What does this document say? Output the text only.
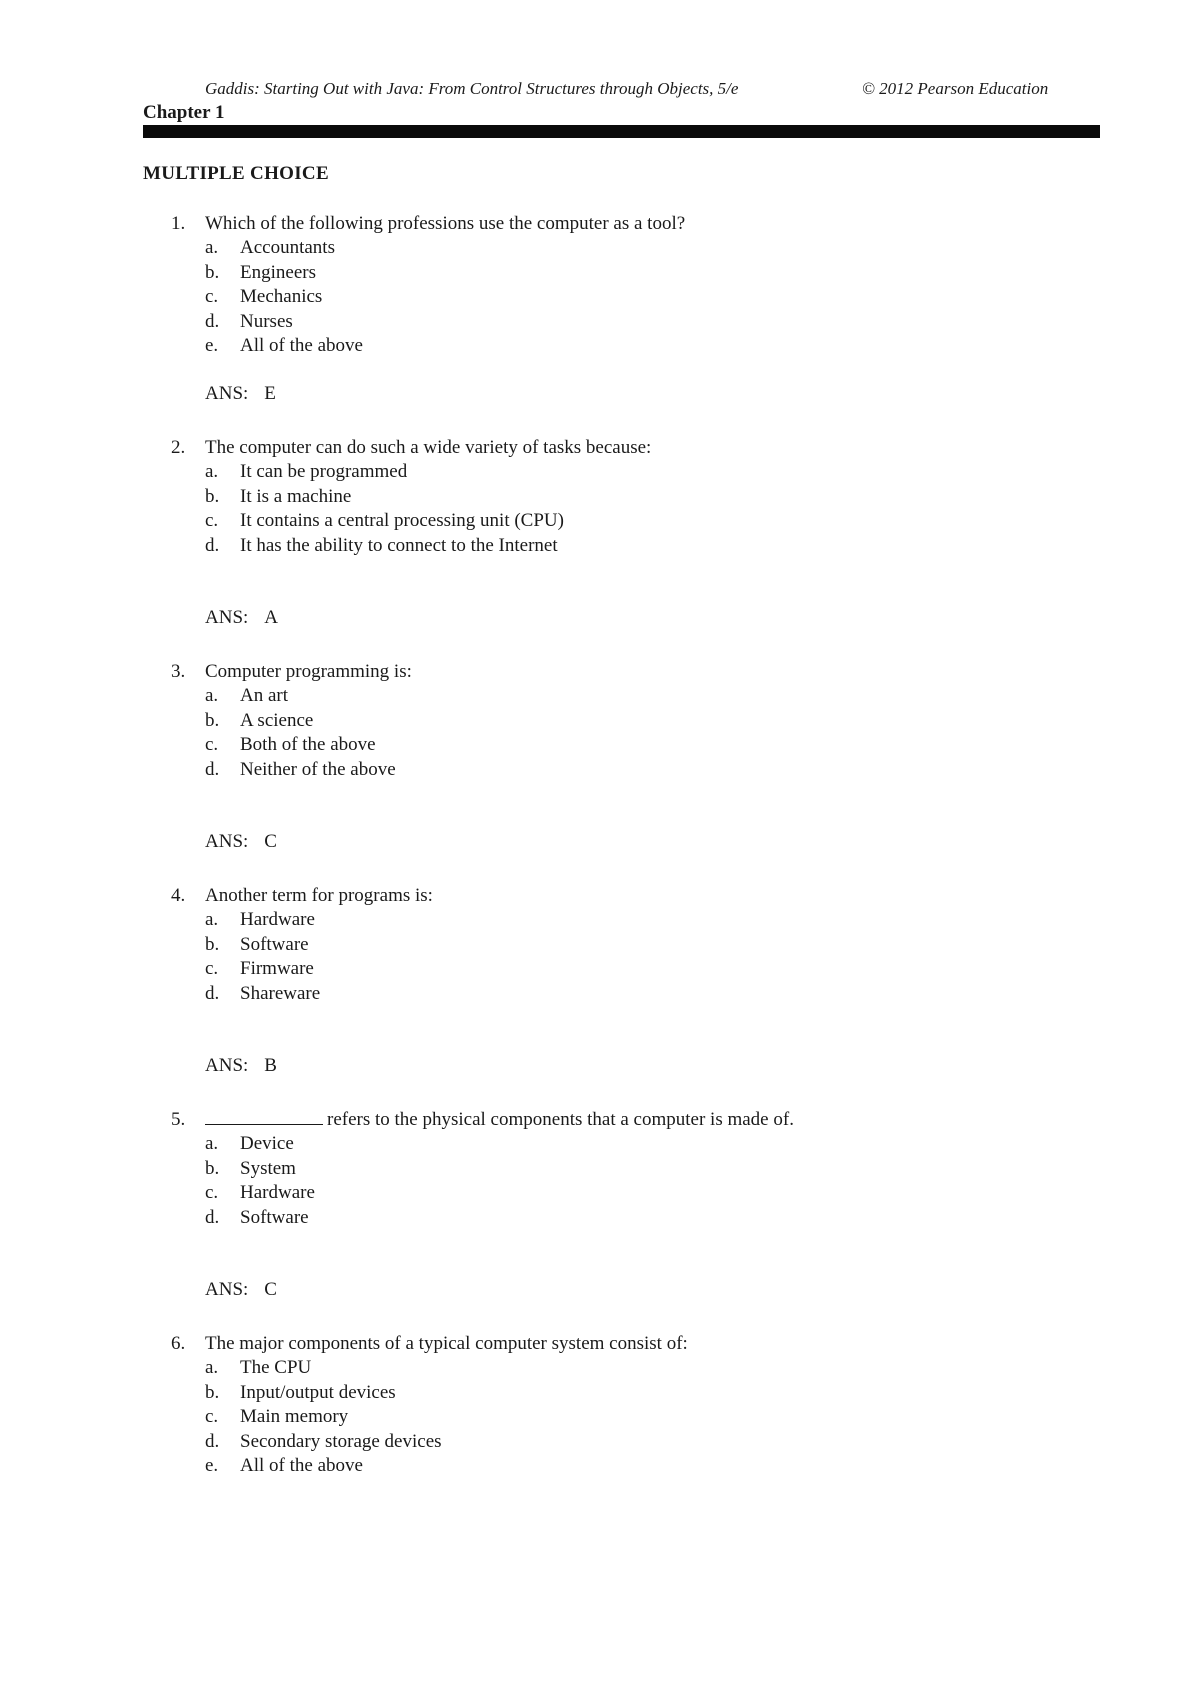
Gaddis: Starting Out with Java: From Control Structures through Objects, 5/e	© 2012 Pearson Education
Chapter 1
MULTIPLE CHOICE
1. Which of the following professions use the computer as a tool?
a. Accountants
b. Engineers
c. Mechanics
d. Nurses
e. All of the above
ANS: E
2. The computer can do such a wide variety of tasks because:
a. It can be programmed
b. It is a machine
c. It contains a central processing unit (CPU)
d. It has the ability to connect to the Internet
ANS: A
3. Computer programming is:
a. An art
b. A science
c. Both of the above
d. Neither of the above
ANS: C
4. Another term for programs is:
a. Hardware
b. Software
c. Firmware
d. Shareware
ANS: B
5.	refers to the physical components that a computer is made of.
a. Device
b. System
c. Hardware
d. Software
ANS: C
6. The major components of a typical computer system consist of:
a. The CPU
b. Input/output devices
c. Main memory
d. Secondary storage devices
e. All of the above
